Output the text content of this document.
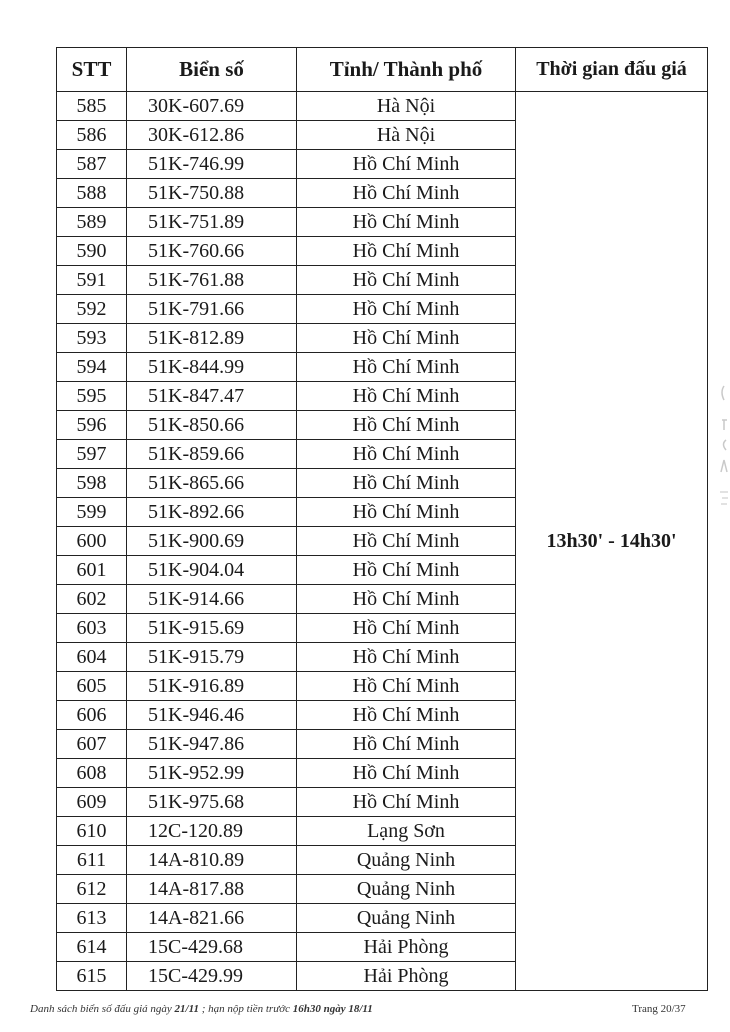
STT	Biển số	Tỉnh/ Thành phố	Thời gian đấu giá
585	30K-607.69	Hà Nội	13h30' - 14h30'
586	30K-612.86	Hà Nội	
587	51K-746.99	Hồ Chí Minh	
588	51K-750.88	Hồ Chí Minh	
589	51K-751.89	Hồ Chí Minh	
590	51K-760.66	Hồ Chí Minh	
591	51K-761.88	Hồ Chí Minh	
592	51K-791.66	Hồ Chí Minh	
593	51K-812.89	Hồ Chí Minh	
594	51K-844.99	Hồ Chí Minh	
595	51K-847.47	Hồ Chí Minh	
596	51K-850.66	Hồ Chí Minh	
597	51K-859.66	Hồ Chí Minh	
598	51K-865.66	Hồ Chí Minh	
599	51K-892.66	Hồ Chí Minh	
600	51K-900.69	Hồ Chí Minh	
601	51K-904.04	Hồ Chí Minh	
602	51K-914.66	Hồ Chí Minh	
603	51K-915.69	Hồ Chí Minh	
604	51K-915.79	Hồ Chí Minh	
605	51K-916.89	Hồ Chí Minh	
606	51K-946.46	Hồ Chí Minh	
607	51K-947.86	Hồ Chí Minh	
608	51K-952.99	Hồ Chí Minh	
609	51K-975.68	Hồ Chí Minh	
610	12C-120.89	Lạng Sơn	
611	14A-810.89	Quảng Ninh	
612	14A-817.88	Quảng Ninh	
613	14A-821.66	Quảng Ninh	
614	15C-429.68	Hải Phòng	
615	15C-429.99	Hải Phòng	
Danh sách biển số đấu giá ngày 21/11 ; hạn nộp tiền trước 16h30 ngày 18/11	Trang 20/37
